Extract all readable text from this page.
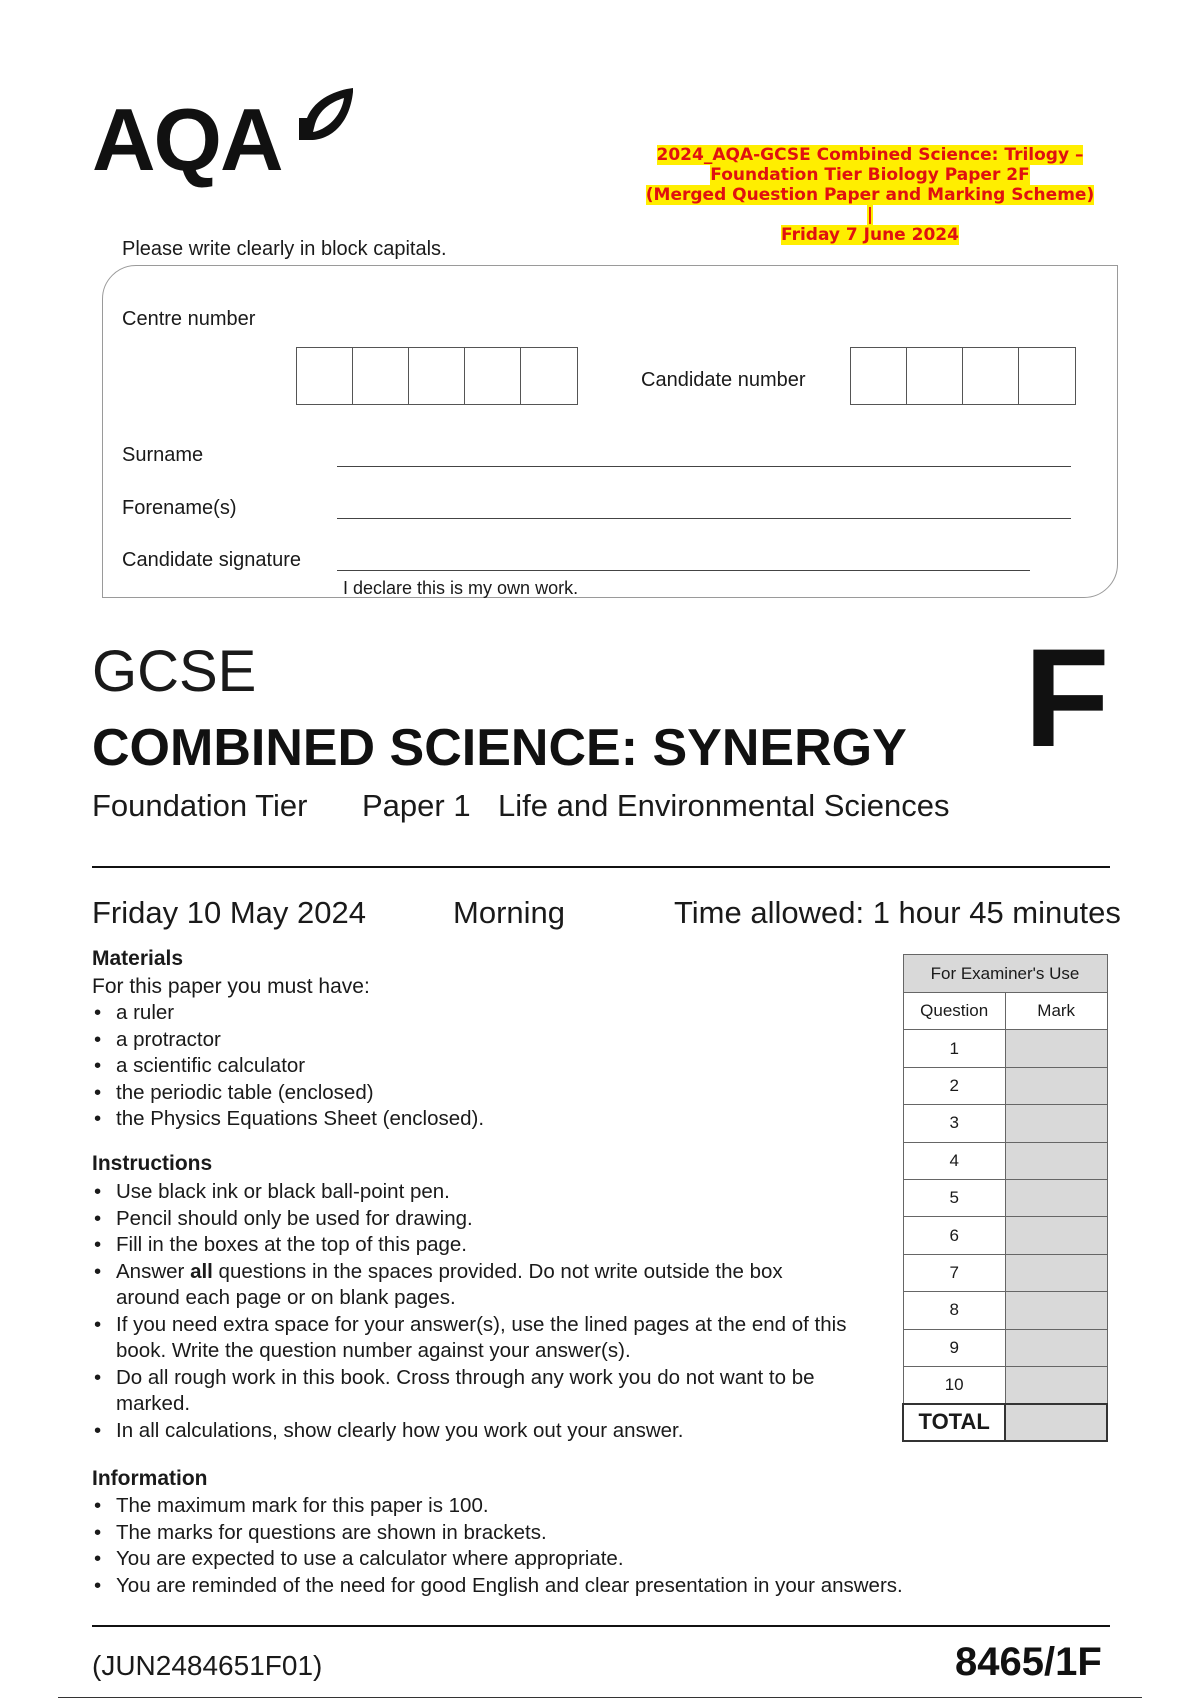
AQA	2024_AQA-GCSE Combined Science: Trilogy –
Foundation Tier Biology Paper 2F
(Merged Question Paper and Marking Scheme) |
Friday 7 June 2024
Please write clearly in block capitals.
Centre number
Candidate number
Surname
Forename(s)
Candidate signature
I declare this is my own work.
GCSE	F
COMBINED SCIENCE: SYNERGY
Foundation Tier Paper 1 Life and Environmental Sciences
Friday 10 May 2024	Morning	Time allowed: 1 hour 45 minutes
Materials
For this paper you must have:
• a ruler
• a protractor
• a scientific calculator
• the periodic table (enclosed)
• the Physics Equations Sheet (enclosed).
Instructions
• Use black ink or black ball-point pen.
• Pencil should only be used for drawing.
• Fill in the boxes at the top of this page.
• Answer all questions in the spaces provided. Do not write outside the box around each page or on blank pages.
• If you need extra space for your answer(s), use the lined pages at the end of this book. Write the question number against your answer(s).
• Do all rough work in this book. Cross through any work you do not want to be marked.
• In all calculations, show clearly how you work out your answer.
Information
• The maximum mark for this paper is 100.
• The marks for questions are shown in brackets.
• You are expected to use a calculator where appropriate.
• You are reminded of the need for good English and clear presentation in your answers.
For Examiner's Use	
Question	Mark
1	
2	
3	
4	
5	
6	
7	
8	
9	
10	
TOTAL	
(JUN2484651F01)	8465/1F
